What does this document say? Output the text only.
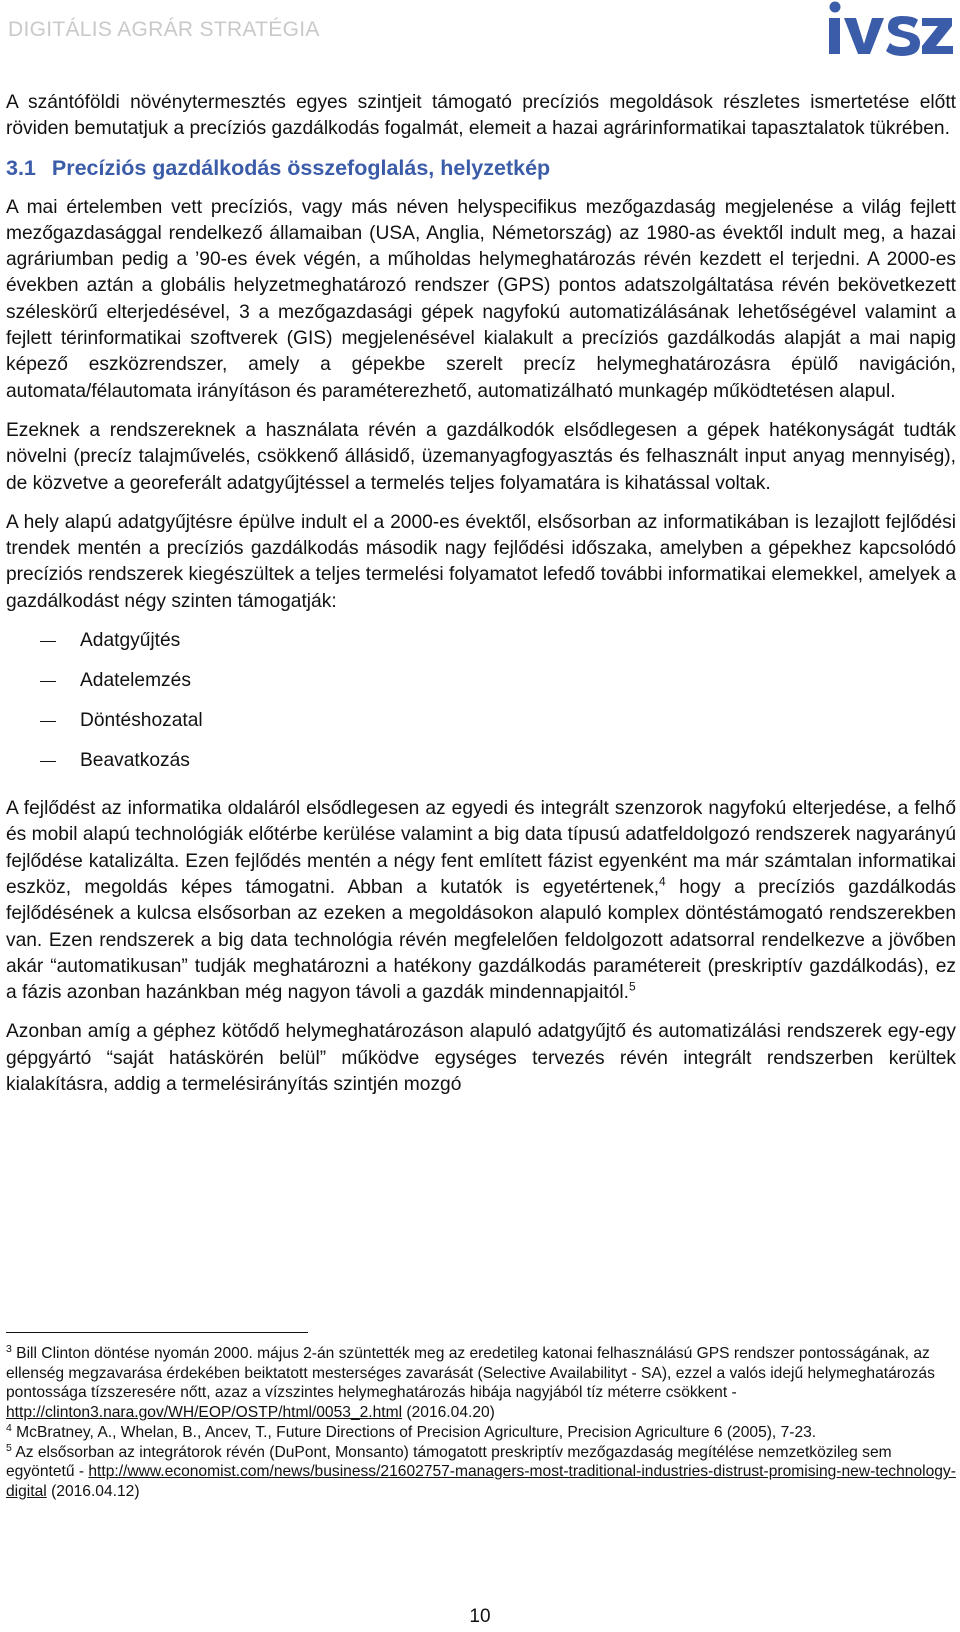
DIGITÁLIS AGRÁR STRATÉGIA

A szántóföldi növénytermesztés egyes szintjeit támogató precíziós megoldások részletes ismertetése előtt röviden bemutatjuk a precíziós gazdálkodás fogalmát, elemeit a hazai agrárinformatikai tapasztalatok tükrében.

3.1 Precíziós gazdálkodás összefoglalás, helyzetkép

A mai értelemben vett precíziós, vagy más néven helyspecifikus mezőgazdaság megjelenése a világ fejlett mezőgazdasággal rendelkező államaiban (USA, Anglia, Németország) az 1980-as évektől indult meg, a hazai agráriumban pedig a ’90-es évek végén, a műholdas helymeghatározás révén kezdett el terjedni. A 2000-es években aztán a globális helyzetmeghatározó rendszer (GPS) pontos adatszolgáltatása révén bekövetkezett széleskörű elterjedésével, 3 a mezőgazdasági gépek nagyfokú automatizálásának lehetőségével valamint a fejlett térinformatikai szoftverek (GIS) megjelenésével kialakult a precíziós gazdálkodás alapját a mai napig képező eszközrendszer, amely a gépekbe szerelt precíz helymeghatározásra épülő navigáción, automata/félautomata irányításon és paraméterezhető, automatizálható munkagép működtetésen alapul.

Ezeknek a rendszereknek a használata révén a gazdálkodók elsődlegesen a gépek hatékonyságát tudták növelni (precíz talajművelés, csökkenő állásidő, üzemanyagfogyasztás és felhasznált input anyag mennyiség), de közvetve a georeferált adatgyűjtéssel a termelés teljes folyamatára is kihatással voltak.

A hely alapú adatgyűjtésre épülve indult el a 2000-es évektől, elsősorban az informatikában is lezajlott fejlődési trendek mentén a precíziós gazdálkodás második nagy fejlődési időszaka, amelyben a gépekhez kapcsolódó precíziós rendszerek kiegészültek a teljes termelési folyamatot lefedő további informatikai elemekkel, amelyek a gazdálkodást négy szinten támogatják:

Adatgyűjtés
Adatelemzés
Döntéshozatal
Beavatkozás

A fejlődést az informatika oldaláról elsődlegesen az egyedi és integrált szenzorok nagyfokú elterjedése, a felhő és mobil alapú technológiák előtérbe kerülése valamint a big data típusú adatfeldolgozó rendszerek nagyarányú fejlődése katalizálta. Ezen fejlődés mentén a négy fent említett fázist egyenként ma már számtalan informatikai eszköz, megoldás képes támogatni. Abban a kutatók is egyetértenek,$^4$ hogy a precíziós gazdálkodás fejlődésének a kulcsa elsősorban az ezeken a megoldásokon alapuló komplex döntéstámogató rendszerekben van. Ezen rendszerek a big data technológia révén megfelelően feldolgozott adatsorral rendelkezve a jövőben akár “automatikusan” tudják meghatározni a hatékony gazdálkodás paramétereit (preskriptív gazdálkodás), ez a fázis azonban hazánkban még nagyon távoli a gazdák mindennapjaitól.$^5$

Azonban amíg a géphez kötődő helymeghatározáson alapuló adatgyűjtő és automatizálási rendszerek egy-egy gépgyártó “saját hatáskörén belül” működve egységes tervezés révén integrált rendszerben kerültek kialakításra, addig a termelésirányítás szintjén mozgó

$^3$ Bill Clinton döntése nyomán 2000. május 2-án szüntették meg az eredetileg katonai felhasználású GPS rendszer pontosságának, az ellenség megzavarása érdekében beiktatott mesterséges zavarását (Selective Availabilityt - SA), ezzel a valós idejű helymeghatározás pontossága tízszeresére nőtt, azaz a vízszintes helymeghatározás hibája nagyjából tíz méterre csökkent - http://clinton3.nara.gov/WH/EOP/OSTP/html/0053_2.html (2016.04.20)

$^4$ McBratney, A., Whelan, B., Ancev, T., Future Directions of Precision Agriculture, Precision Agriculture 6 (2005), 7-23.

$^5$ Az elsősorban az integrátorok révén (DuPont, Monsanto) támogatott preskriptív mezőgazdaság megítélése nemzetközileg sem egyöntetű - http://www.economist.com/news/business/21602757-managers-most-traditional-industries-distrust-promising-new-technology-digital (2016.04.12)

10
